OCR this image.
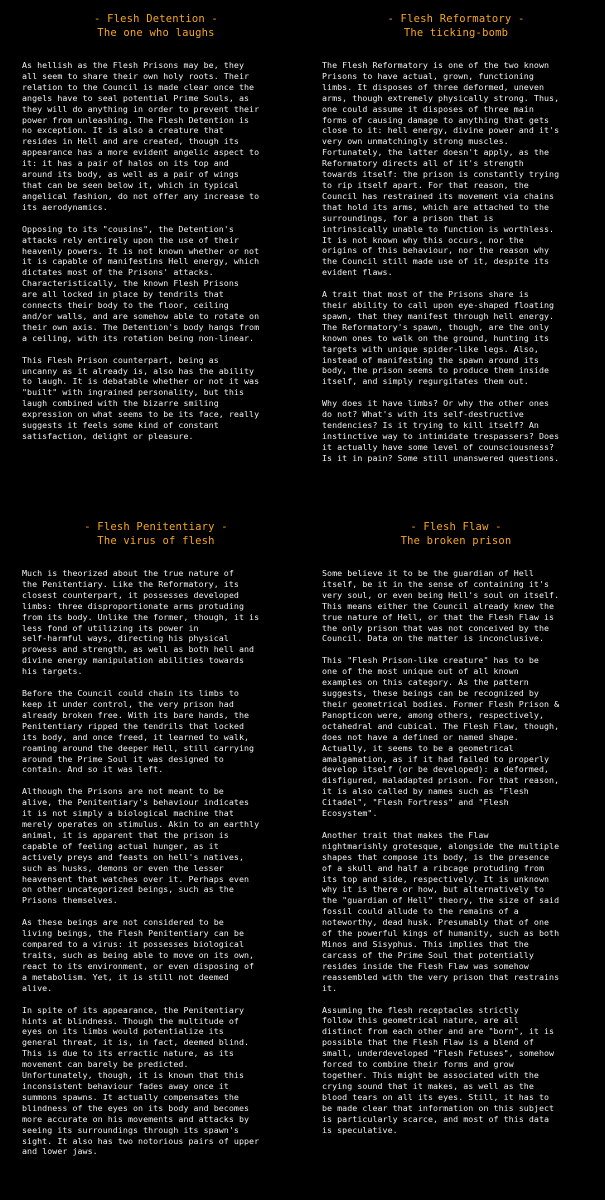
- Flesh Detention -
The one who laughs

As hellish as the Flesh Prisons may be, they
all seem to share their own holy roots. Their
relation to the Council is made clear once the
angels have to seal potential Prime Souls, as
they will do anything in order to prevent their
power from unleashing. The Flesh Detention is
no exception. It is also a creature that
resides in Hell and are created, though its
appearance has a more evident angelic aspect to
it: it has a pair of halos on its top and
around its body, as well as a pair of wings
that can be seen below it, which in typical
angelical fashion, do not offer any increase to
its aerodynamics.

Opposing to its "cousins", the Detention's
attacks rely entirely upon the use of their
heavenly powers. It is not known whether or not
it is capable of manifestins Hell energy, which
dictates most of the Prisons' attacks.
Characteristically, the known Flesh Prisons
are all locked in place by tendrils that
connects their body to the floor, ceiling
and/or walls, and are somehow able to rotate on
their own axis. The Detention's body hangs from
a ceiling, with its rotation being non-linear.

This Flesh Prison counterpart, being as
uncanny as it already is, also has the ability
to laugh. It is debatable whether or not it was
"built" with ingrained personality, but this
laugh combined with the bizarre smiling
expression on what seems to be its face, really
suggests it feels some kind of constant
satisfaction, delight or pleasure.

- Flesh Reformatory -
The ticking-bomb

The Flesh Reformatory is one of the two known
Prisons to have actual, grown, functioning
limbs. It disposes of three deformed, uneven
arms, though extremely physically strong. Thus,
one could assume it disposes of three main
forms of causing damage to anything that gets
close to it: hell energy, divine power and it's
very own unmatchingly strong muscles.
Fortunately, the latter doesn't apply, as the
Reformatory directs all of it's strength
towards itself: the prison is constantly trying
to rip itself apart. For that reason, the
Council has restrained its movement via chains
that hold its arms, which are attached to the
surroundings, for a prison that is
intrinsically unable to function is worthless.
It is not known why this occurs, nor the
origins of this behaviour, nor the reason why
the Council still made use of it, despite its
evident flaws.

A trait that most of the Prisons share is
their ability to call upon eye-shaped floating
spawn, that they manifest through hell energy.
The Reformatory's spawn, though, are the only
known ones to walk on the ground, hunting its
targets with unique spider-like legs. Also,
instead of manifesting the spawn around its
body, the prison seems to produce them inside
itself, and simply regurgitates them out.

Why does it have limbs? Or why the other ones
do not? What's with its self-destructive
tendencies? Is it trying to kill itself? An
instinctive way to intimidate trespassers? Does
it actually have some level of counsciousness?
Is it in pain? Some still unanswered questions.

- Flesh Penitentiary -
The virus of flesh

Much is theorized about the true nature of
the Penitentiary. Like the Reformatory, its
closest counterpart, it possesses developed
limbs: three disproportionate arms protuding
from its body. Unlike the former, though, it is
less fond of utilizing its power in
self-harmful ways, directing his physical
prowess and strength, as well as both hell and
divine energy manipulation abilities towards
his targets.

Before the Council could chain its limbs to
keep it under control, the very prison had
already broken free. With its bare hands, the
Penitentiary ripped the tendrils that locked
its body, and once freed, it learned to walk,
roaming around the deeper Hell, still carrying
around the Prime Soul it was designed to
contain. And so it was left.

Although the Prisons are not meant to be
alive, the Penitentiary's behaviour indicates
it is not simply a biological machine that
merely operates on stimulus. Akin to an earthly
animal, it is apparent that the prison is
capable of feeling actual hunger, as it
actively preys and feasts on hell's natives,
such as husks, demons or even the lesser
heavensent that watches over it. Perhaps even
on other uncategorized beings, such as the
Prisons themselves.

As these beings are not considered to be
living beings, the Flesh Penitentiary can be
compared to a virus: it possesses biological
traits, such as being able to move on its own,
react to its environment, or even disposing of
a metabolism. Yet, it is still not deemed
alive.

In spite of its appearance, the Penitentiary
hints at blindness. Though the multitude of
eyes on its limbs would potentialize its
general threat, it is, in fact, deemed blind.
This is due to its erractic nature, as its
movement can barely be predicted.
Unfortunately, though, it is known that this
inconsistent behaviour fades away once it
summons spawns. It actually compensates the
blindness of the eyes on its body and becomes
more accurate on his movements and attacks by
seeing its surroundings through its spawn's
sight. It also has two notorious pairs of upper
and lower jaws.

- Flesh Flaw -
The broken prison

Some believe it to be the guardian of Hell
itself, be it in the sense of containing it's
very soul, or even being Hell's soul on itself.
This means either the Council already knew the
true nature of Hell, or that the Flesh Flaw is
the only prison that was not conceived by the
Council. Data on the matter is inconclusive.

This "Flesh Prison-like creature" has to be
one of the most unique out of all known
examples on this category. As the pattern
suggests, these beings can be recognized by
their geometrical bodies. Former Flesh Prison &
Panopticon were, among others, respectively,
octahedral and cubical. The Flesh Flaw, though,
does not have a defined or named shape.
Actually, it seems to be a geometrical
amalgamation, as if it had failed to properly
develop itself (or be developed): a deformed,
disfigured, maladapted prison. For that reason,
it is also called by names such as "Flesh
Citadel", "Flesh Fortress" and "Flesh
Ecosystem".

Another trait that makes the Flaw
nightmarishly grotesque, alongside the multiple
shapes that compose its body, is the presence
of a skull and half a ribcage protuding from
its top and side, respectively. It is unknown
why it is there or how, but alternatively to
the "guardian of Hell" theory, the size of said
fossil could allude to the remains of a
noteworthy, dead husk. Presumably that of one
of the powerful kings of humanity, such as both
Minos and Sisyphus. This implies that the
carcass of the Prime Soul that potentially
resides inside the Flesh Flaw was somehow
reassembled with the very prison that restrains
it.

Assuming the flesh receptacles strictly
follow this geometrical nature, are all
distinct from each other and are "born", it is
possible that the Flesh Flaw is a blend of
small, underdeveloped "Flesh Fetuses", somehow
forced to combine their forms and grow
together. This might be associated with the
crying sound that it makes, as well as the
blood tears on all its eyes. Still, it has to
be made clear that information on this subject
is particularly scarce, and most of this data
is speculative.
